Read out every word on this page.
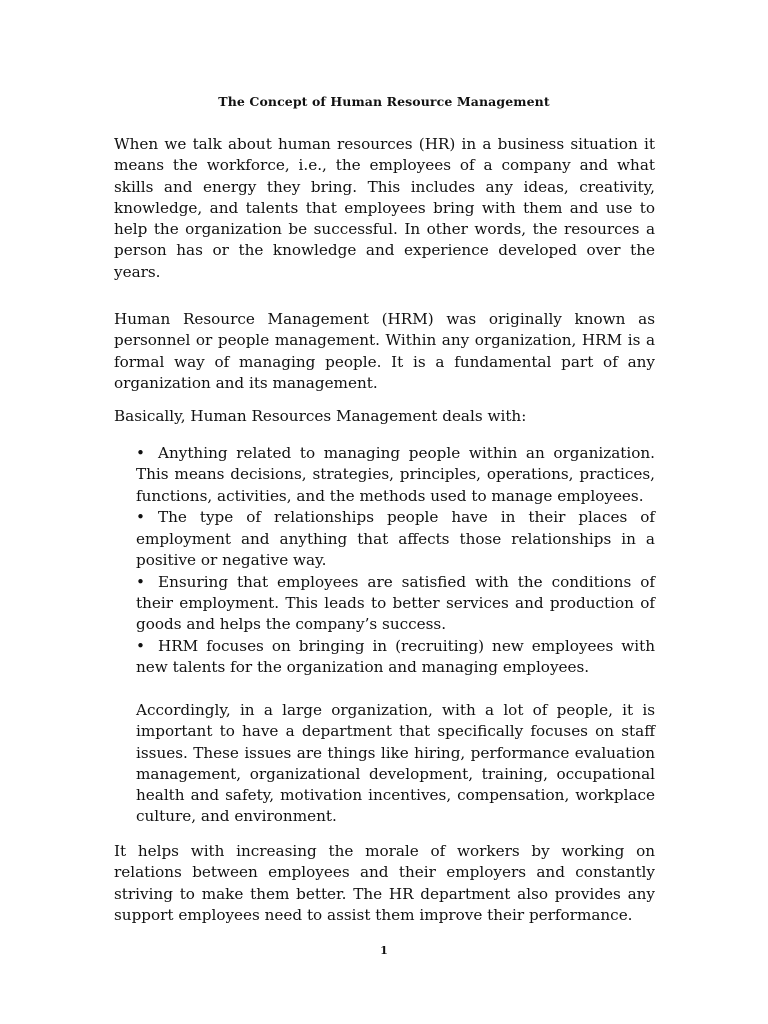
The Concept of Human Resource Management

When we talk about human resources (HR) in a business situation it means the workforce, i.e., the employees of a company and what skills and energy they bring. This includes any ideas, creativity, knowledge, and talents that employees bring with them and use to help the organization be successful. In other words, the resources a person has or the knowledge and experience developed over the years.

Human Resource Management (HRM) was originally known as personnel or people management. Within any organization, HRM is a formal way of managing people. It is a fundamental part of any organization and its management.

Basically, Human Resources Management deals with:

• Anything related to managing people within an organization. This means decisions, strategies, principles, operations, practices, functions, activities, and the methods used to manage employees.
• The type of relationships people have in their places of employment and anything that affects those relationships in a positive or negative way.
• Ensuring that employees are satisfied with the conditions of their employment. This leads to better services and production of goods and helps the company’s success.
• HRM focuses on bringing in (recruiting) new employees with new talents for the organization and managing employees.

Accordingly, in a large organization, with a lot of people, it is important to have a department that specifically focuses on staff issues. These issues are things like hiring, performance evaluation management, organizational development, training, occupational health and safety, motivation incentives, compensation, workplace culture, and environment.

It helps with increasing the morale of workers by working on relations between employees and their employers and constantly striving to make them better. The HR department also provides any support employees need to assist them improve their performance.

1
